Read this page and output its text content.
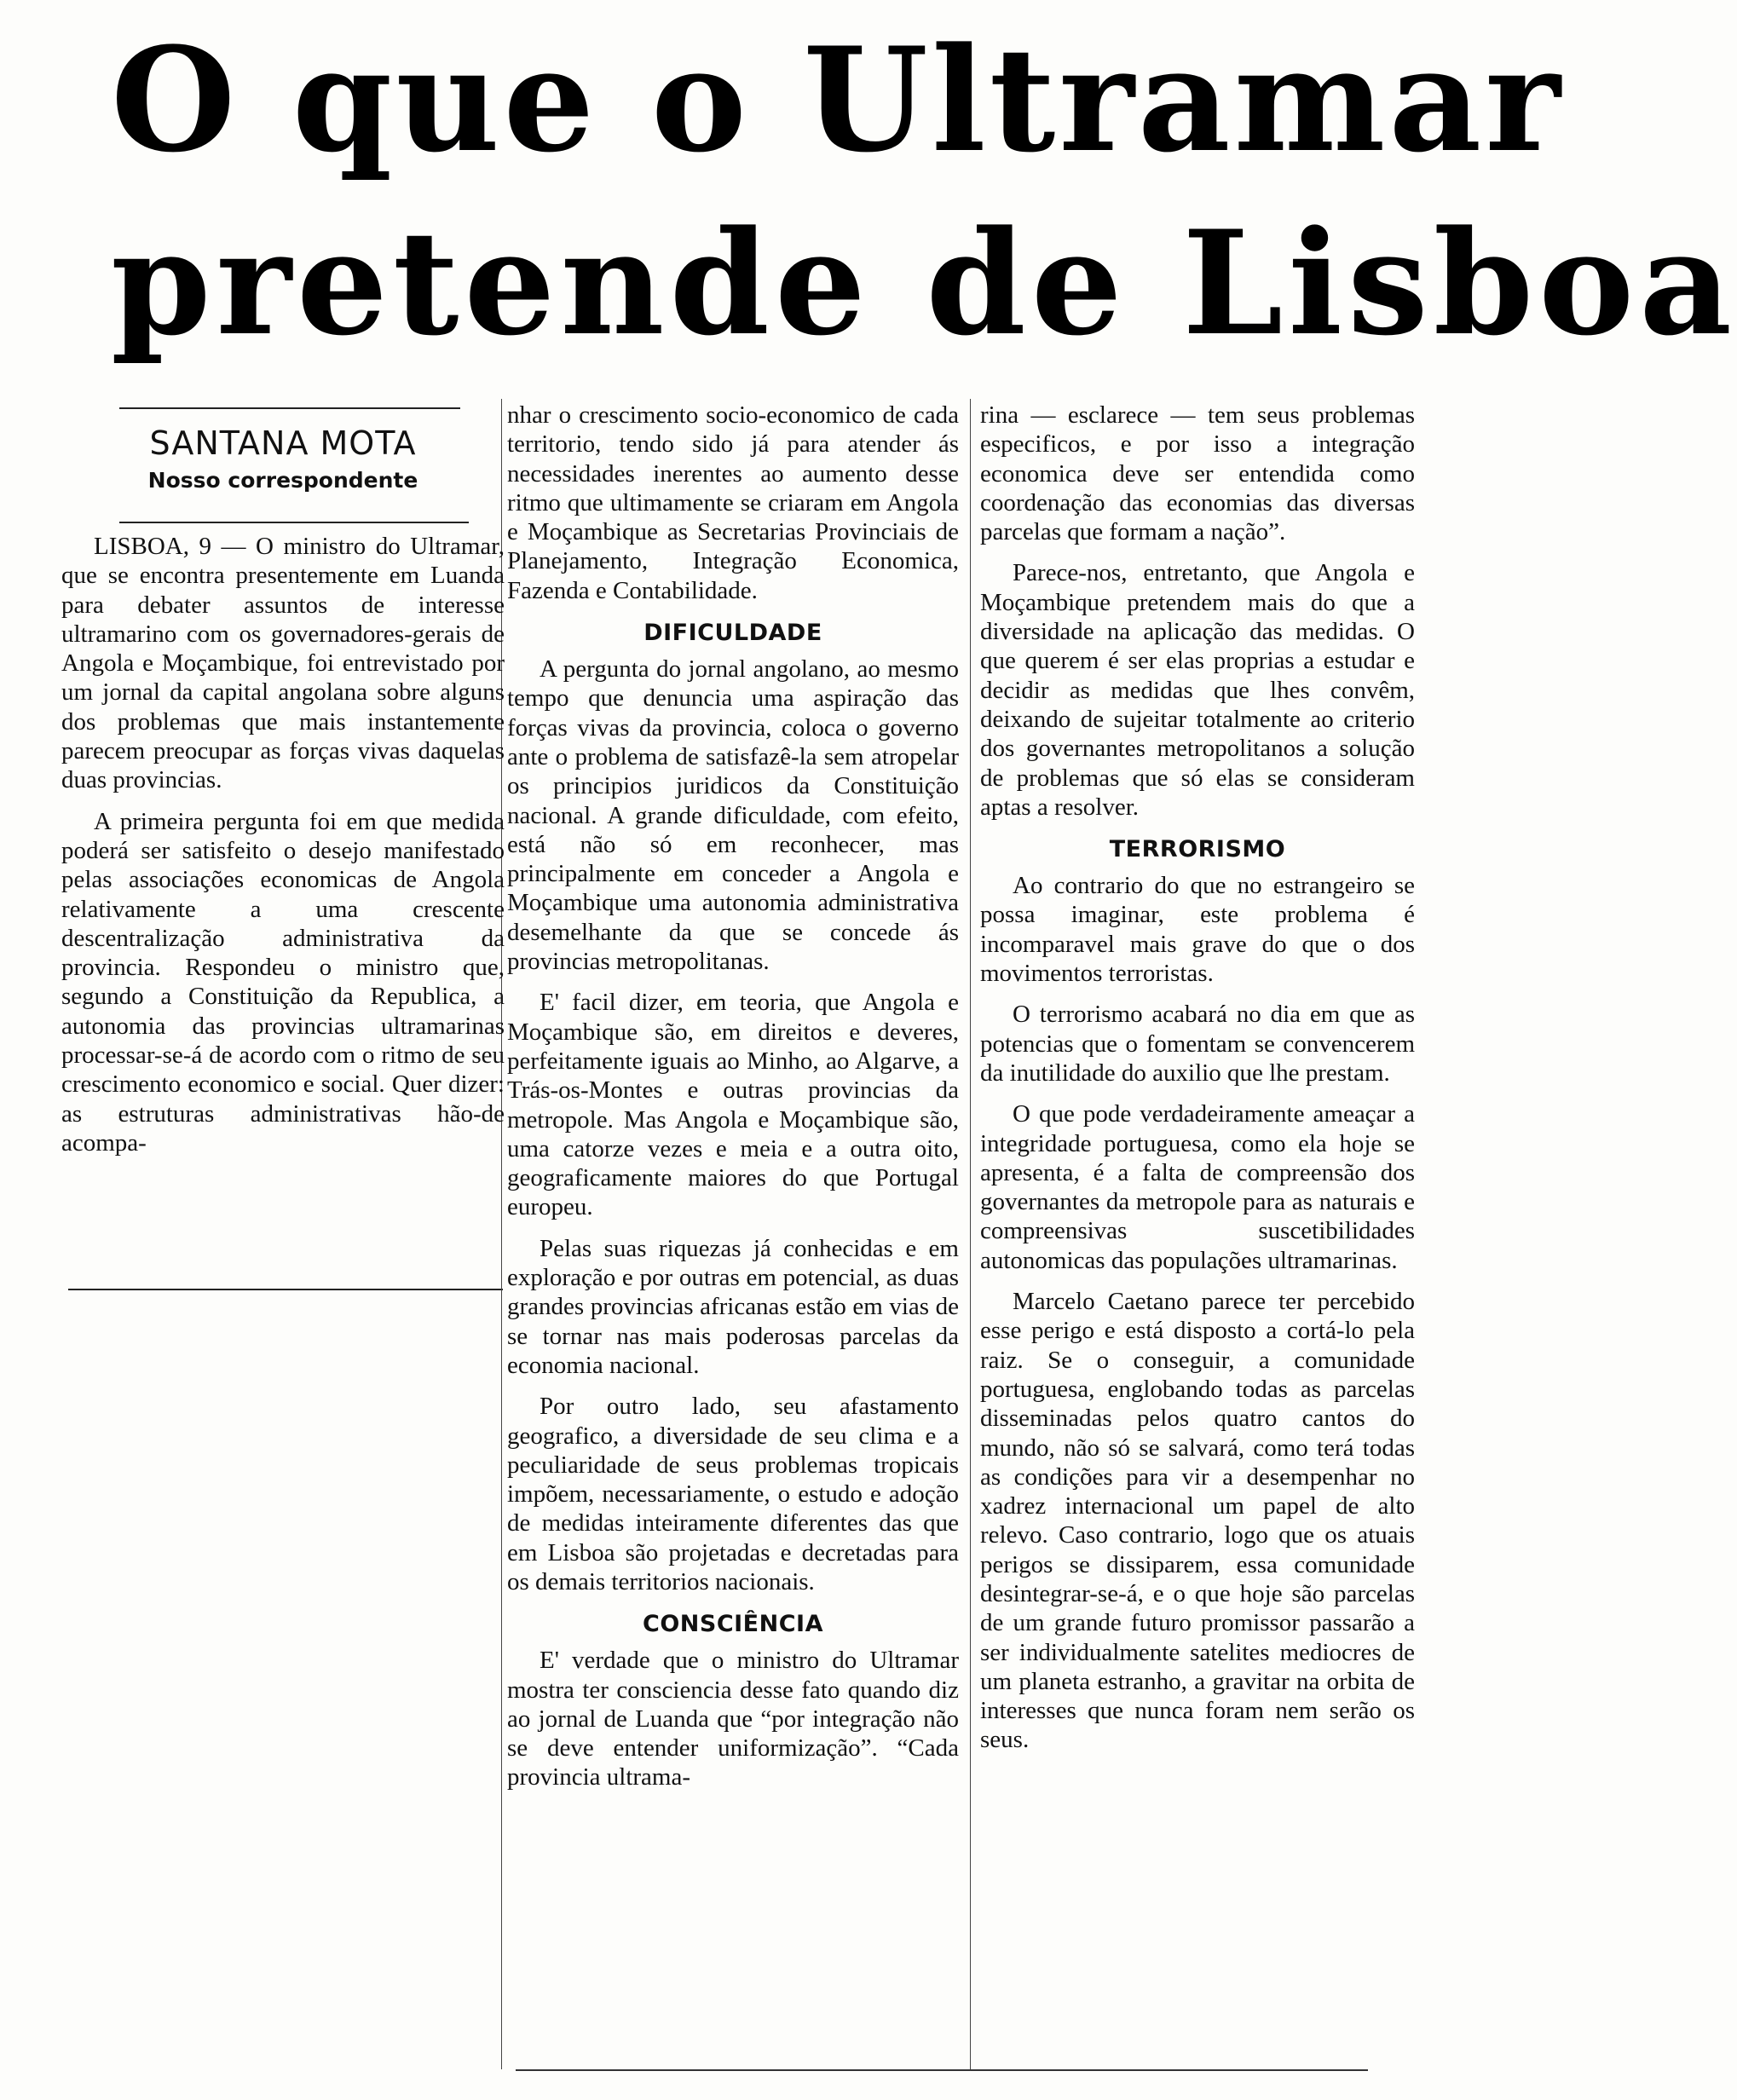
O que o Ultramar
pretende de Lisboa
SANTANA MOTA
Nosso correspondente

LISBOA, 9 — O ministro do Ultramar, que se encontra presentemente em Luanda para debater assuntos de interesse ultramarino com os governadores-gerais de Angola e Moçambique, foi entrevistado por um jornal da capital angolana sobre alguns dos problemas que mais instantemente parecem preocupar as forças vivas daquelas duas provincias.

A primeira pergunta foi em que medida poderá ser satisfeito o desejo manifestado pelas associações economicas de Angola relativamente a uma crescente descentralização administrativa da provincia. Respondeu o ministro que, segundo a Constituição da Republica, a autonomia das provincias ultramarinas processar-se-á de acordo com o ritmo de seu crescimento economico e social. Quer dizer: as estruturas administrativas hão-de acompa-

nhar o crescimento socio-economico de cada territorio, tendo sido já para atender ás necessidades inerentes ao aumento desse ritmo que ultimamente se criaram em Angola e Moçambique as Secretarias Provinciais de Planejamento, Integração Economica, Fazenda e Contabilidade.

DIFICULDADE

A pergunta do jornal angolano, ao mesmo tempo que denuncia uma aspiração das forças vivas da provincia, coloca o governo ante o problema de satisfazê-la sem atropelar os principios juridicos da Constituição nacional. A grande dificuldade, com efeito, está não só em reconhecer, mas principalmente em conceder a Angola e Moçambique uma autonomia administrativa desemelhante da que se concede ás provincias metropolitanas.

E' facil dizer, em teoria, que Angola e Moçambique são, em direitos e deveres, perfeitamente iguais ao Minho, ao Algarve, a Trás-os-Montes e outras provincias da metropole. Mas Angola e Moçambique são, uma catorze vezes e meia e a outra oito, geograficamente maiores do que Portugal europeu.

Pelas suas riquezas já conhecidas e em exploração e por outras em potencial, as duas grandes provincias africanas estão em vias de se tornar nas mais poderosas parcelas da economia nacional.

Por outro lado, seu afastamento geografico, a diversidade de seu clima e a peculiaridade de seus problemas tropicais impõem, necessariamente, o estudo e adoção de medidas inteiramente diferentes das que em Lisboa são projetadas e decretadas para os demais territorios nacionais.

CONSCIÊNCIA

E' verdade que o ministro do Ultramar mostra ter consciencia desse fato quando diz ao jornal de Luanda que “por integração não se deve entender uniformização”. “Cada provincia ultrama-

rina — esclarece — tem seus problemas especificos, e por isso a integração economica deve ser entendida como coordenação das economias das diversas parcelas que formam a nação”.

Parece-nos, entretanto, que Angola e Moçambique pretendem mais do que a diversidade na aplicação das medidas. O que querem é ser elas proprias a estudar e decidir as medidas que lhes convêm, deixando de sujeitar totalmente ao criterio dos governantes metropolitanos a solução de problemas que só elas se consideram aptas a resolver.

TERRORISMO

Ao contrario do que no estrangeiro se possa imaginar, este problema é incomparavel mais grave do que o dos movimentos terroristas.

O terrorismo acabará no dia em que as potencias que o fomentam se convencerem da inutilidade do auxilio que lhe prestam.

O que pode verdadeiramente ameaçar a integridade portuguesa, como ela hoje se apresenta, é a falta de compreensão dos governantes da metropole para as naturais e compreensivas suscetibilidades autonomicas das populações ultramarinas.

Marcelo Caetano parece ter percebido esse perigo e está disposto a cortá-lo pela raiz. Se o conseguir, a comunidade portuguesa, englobando todas as parcelas disseminadas pelos quatro cantos do mundo, não só se salvará, como terá todas as condições para vir a desempenhar no xadrez internacional um papel de alto relevo. Caso contrario, logo que os atuais perigos se dissiparem, essa comunidade desintegrar-se-á, e o que hoje são parcelas de um grande futuro promissor passarão a ser individualmente satelites mediocres de um planeta estranho, a gravitar na orbita de interesses que nunca foram nem serão os seus.
